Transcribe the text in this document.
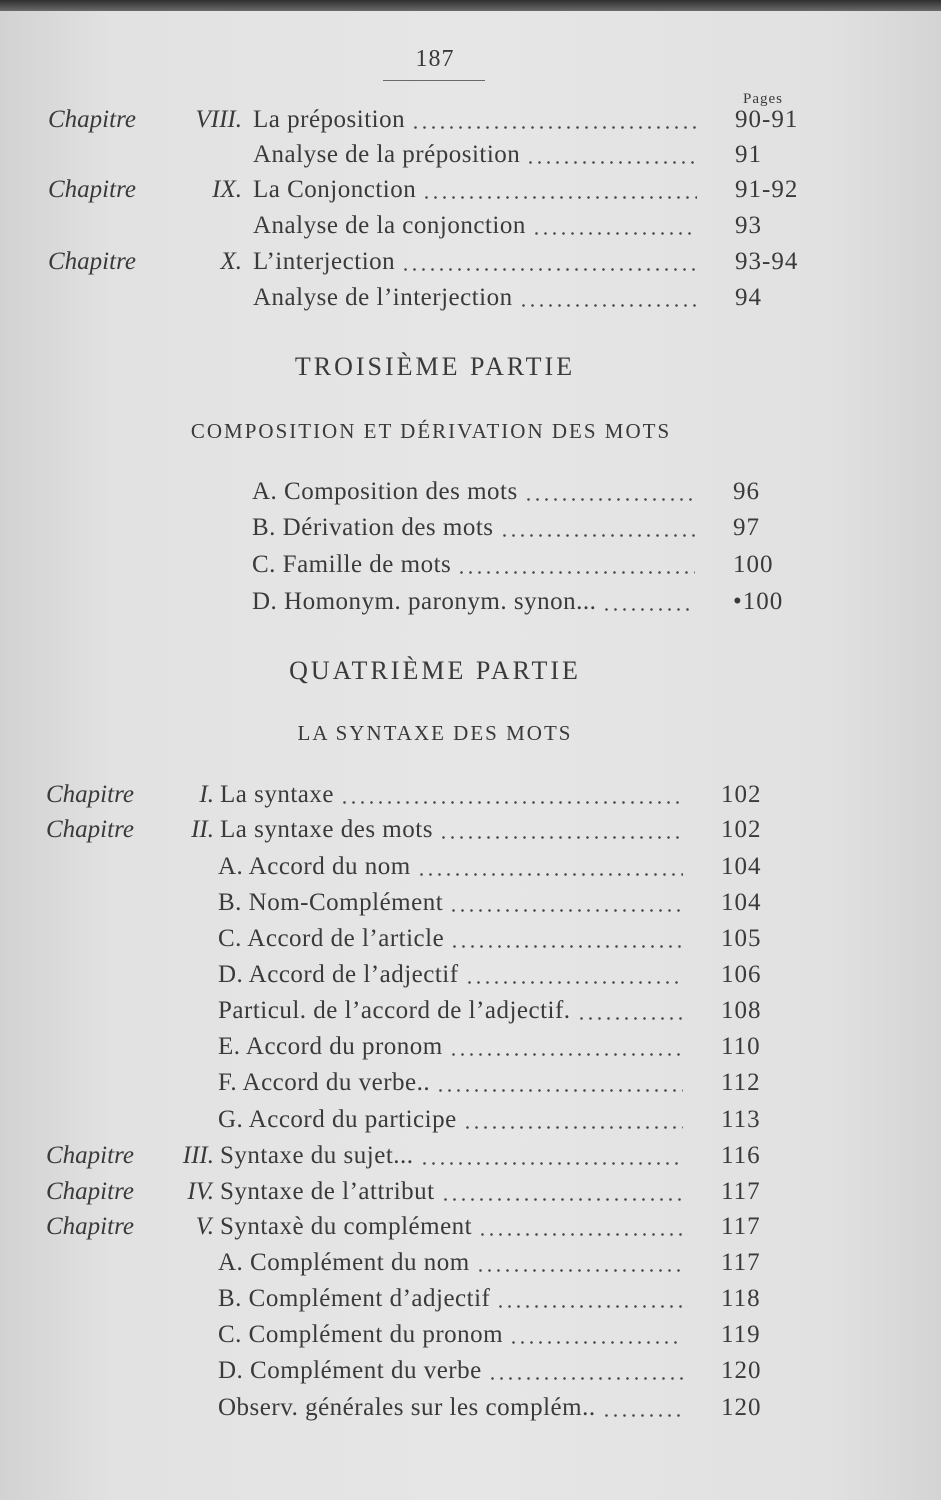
187
Pages
Chapitre VIII. La préposition	90-91
Analyse de la préposition	91
Chapitre	IX. La Conjonction	91-92
Analyse de la conjonction	93
Chapitre	X. L’interjection	93-94
Analyse de l’interjection	94
TROISIÈME PARTIE
COMPOSITION ET DÉRIVATION DES MOTS
A. Composition des mots	96
B. Dérivation des mots	97
C. Famille de mots	100
D. Homonym. paronym. synon...	•100
QUATRIÈME PARTIE
LA SYNTAXE DES MOTS
Chapitre	I. La syntaxe	102
Chapitre II. La syntaxe des mots	102
A. Accord du nom	104
B. Nom-Complément	104
C. Accord de l’article	105
D. Accord de l’adjectif	106
Particul. de l’accord de l’adjectif.	108
E. Accord du pronom	110
F. Accord du verbe..	112
G. Accord du participe	113
Chapitre III. Syntaxe du sujet...	116
Chapitre IV. Syntaxe de l’attribut	117
Chapitre V. Syntaxè du complément	117
A. Complément du nom	117
B. Complément d’adjectif	118
C. Complément du pronom	119
D. Complément du verbe	120
Observ. générales sur les complém..	120
